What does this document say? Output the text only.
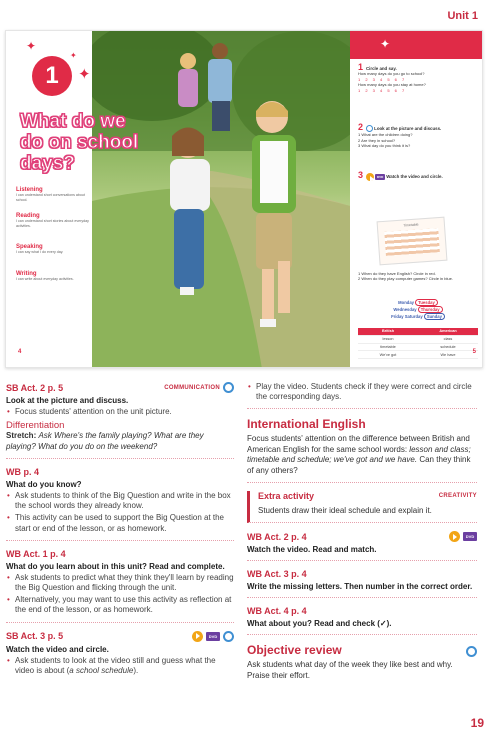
Unit 1
✦
✦
1	✦
Listening
I can understand short conversations about school.
Reading
I can understand short stories about everyday activities.
Speaking
I can say what I do every day.
Writing
I can write about everyday activities.
4
What do we do on school days?
✦
1 Circle and say.
How many days do you go to school?
1 2 3 4 5 6 7
How many days do you stay at home?
1 2 3 4 5 6 7
2	Look at the picture and discuss.
1 What are the children doing?
2 Are they in school?
3 What day do you think it is?
3	DVD Watch the video and circle.
Timetable
1 When do they have English? Circle in red.
2 When do they play computer games? Circle in blue.
Monday Tuesday
Wednesday Thursday
Friday Saturday Sunday
British	American
lesson	class
timetable	schedule
We've got	We have	5
SB Act. 2 p. 5	COMMUNICATION
Look at the picture and discuss.
• Focus students' attention on the unit picture.
Differentiation
Stretch: Ask Where's the family playing? What are they playing? What do you do on the weekend?
WB p. 4
What do you know?
• Ask students to think of the Big Question and write in the box the school words they already know.
• This activity can be used to support the Big Question at the start or end of the lesson, or as homework.
WB Act. 1 p. 4
What do you learn about in this unit? Read and complete.
• Ask students to predict what they think they'll learn by reading the Big Question and flicking through the unit.
• Alternatively, you may want to use this activity as reflection at the end of the lesson, or as homework.
SB Act. 3 p. 5	DVD
Watch the video and circle.
• Ask students to look at the video still and guess what the video is about (a school schedule).
• Play the video. Students check if they were correct and circle the corresponding days.
International English
Focus students' attention on the difference between British and American English for the same school words: lesson and class; timetable and schedule; we've got and we have. Can they think of any others?
Extra activity	CREATIVITY
Students draw their ideal schedule and explain it.
WB Act. 2 p. 4	DVD
Watch the video. Read and match.
WB Act. 3 p. 4
Write the missing letters. Then number in the correct order.
WB Act. 4 p. 4
What about you? Read and check (✓).
Objective review
Ask students what day of the week they like best and why. Praise their effort.
19
